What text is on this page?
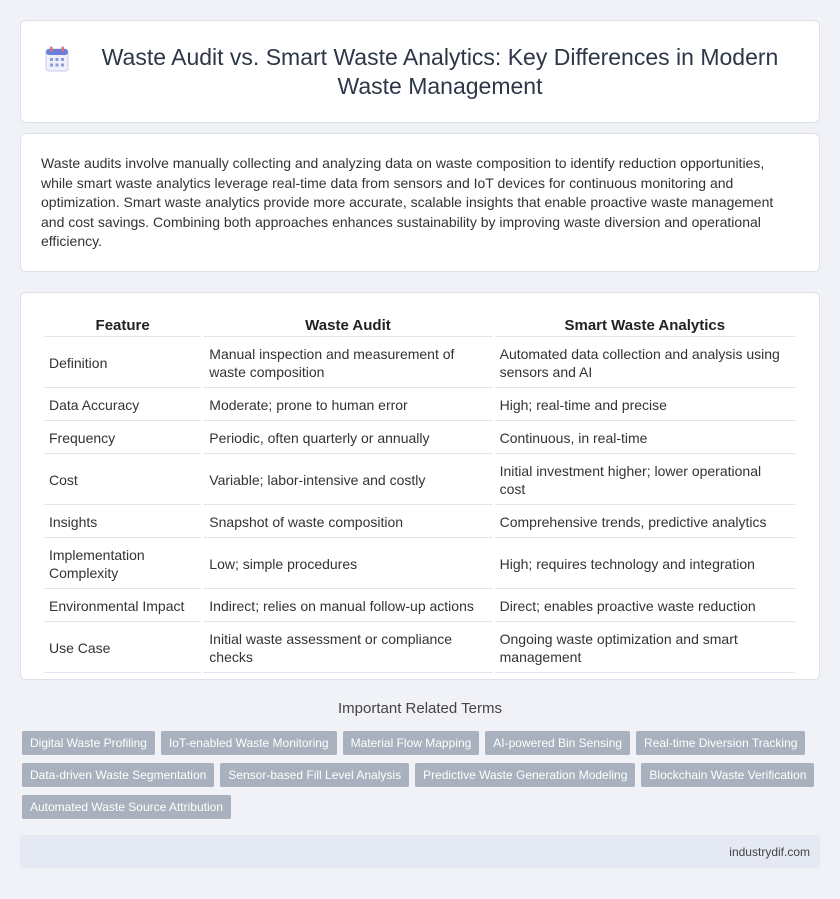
Waste Audit vs. Smart Waste Analytics: Key Differences in Modern Waste Management

Waste audits involve manually collecting and analyzing data on waste composition to identify reduction opportunities, while smart waste analytics leverage real-time data from sensors and IoT devices for continuous monitoring and optimization. Smart waste analytics provide more accurate, scalable insights that enable proactive waste management and cost savings. Combining both approaches enhances sustainability by improving waste diversion and operational efficiency.

Feature	Waste Audit	Smart Waste Analytics
Definition	Manual inspection and measurement of waste composition	Automated data collection and analysis using sensors and AI
Data Accuracy	Moderate; prone to human error	High; real-time and precise
Frequency	Periodic, often quarterly or annually	Continuous, in real-time
Cost	Variable; labor-intensive and costly	Initial investment higher; lower operational cost
Insights	Snapshot of waste composition	Comprehensive trends, predictive analytics
Implementation Complexity	Low; simple procedures	High; requires technology and integration
Environmental Impact	Indirect; relies on manual follow-up actions	Direct; enables proactive waste reduction
Use Case	Initial waste assessment or compliance checks	Ongoing waste optimization and smart management
Important Related Terms
Digital Waste Profiling	IoT-enabled Waste Monitoring	Material Flow Mapping	AI-powered Bin Sensing	Real-time Diversion Tracking
Data-driven Waste Segmentation	Sensor-based Fill Level Analysis	Predictive Waste Generation Modeling	Blockchain Waste Verification
Automated Waste Source Attribution
industrydif.com
